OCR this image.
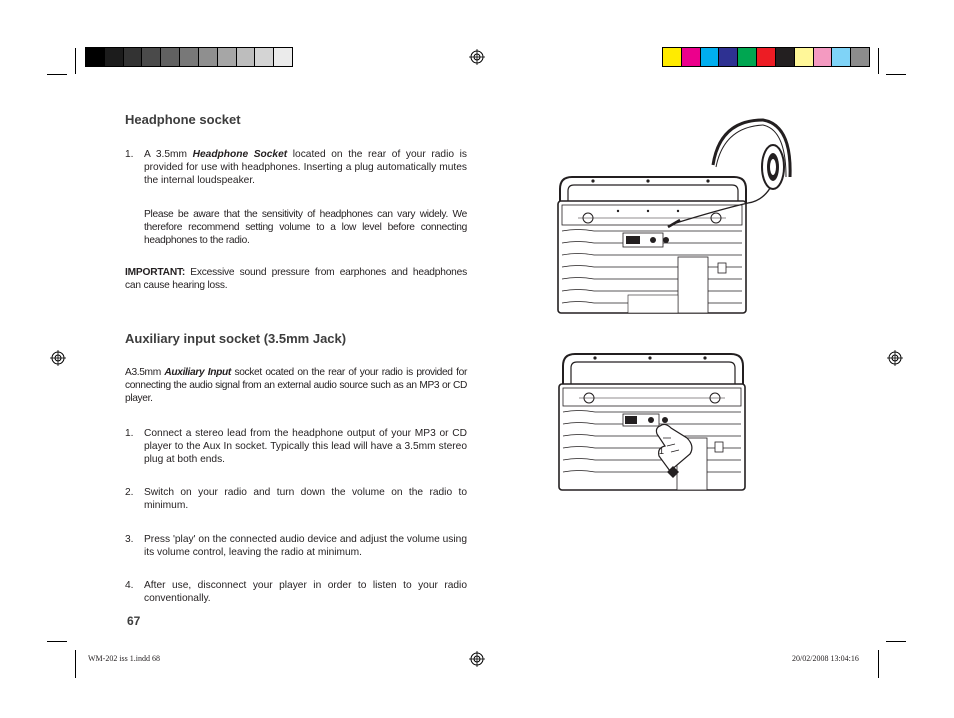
Headphone socket
1. A 3.5mm Headphone Socket located on the rear of your radio is provided for use with headphones. Inserting a plug automatically mutes the internal loudspeaker.
Please be aware that the sensitivity of headphones can vary widely. We therefore recommend setting volume to a low level before connecting headphones to the radio.
IMPORTANT: Excessive sound pressure from earphones and headphones can cause hearing loss.
Auxiliary input socket (3.5mm Jack)
A3.5mm Auxiliary Input socket ocated on the rear of your radio is provided for connecting the audio signal from an external audio source such as an MP3 or CD player.
1. Connect a stereo lead from the headphone output of your MP3 or CD player to the Aux In socket. Typically this lead will have a 3.5mm stereo plug at both ends.
2. Switch on your radio and turn down the volume on the radio to minimum.
3. Press 'play' on the connected audio device and adjust the volume using its volume control, leaving the radio at minimum.
4. After use, disconnect your player in order to listen to your radio conventionally.
67
WM-202 iss 1.indd 68	20/02/2008 13:04:16
1
